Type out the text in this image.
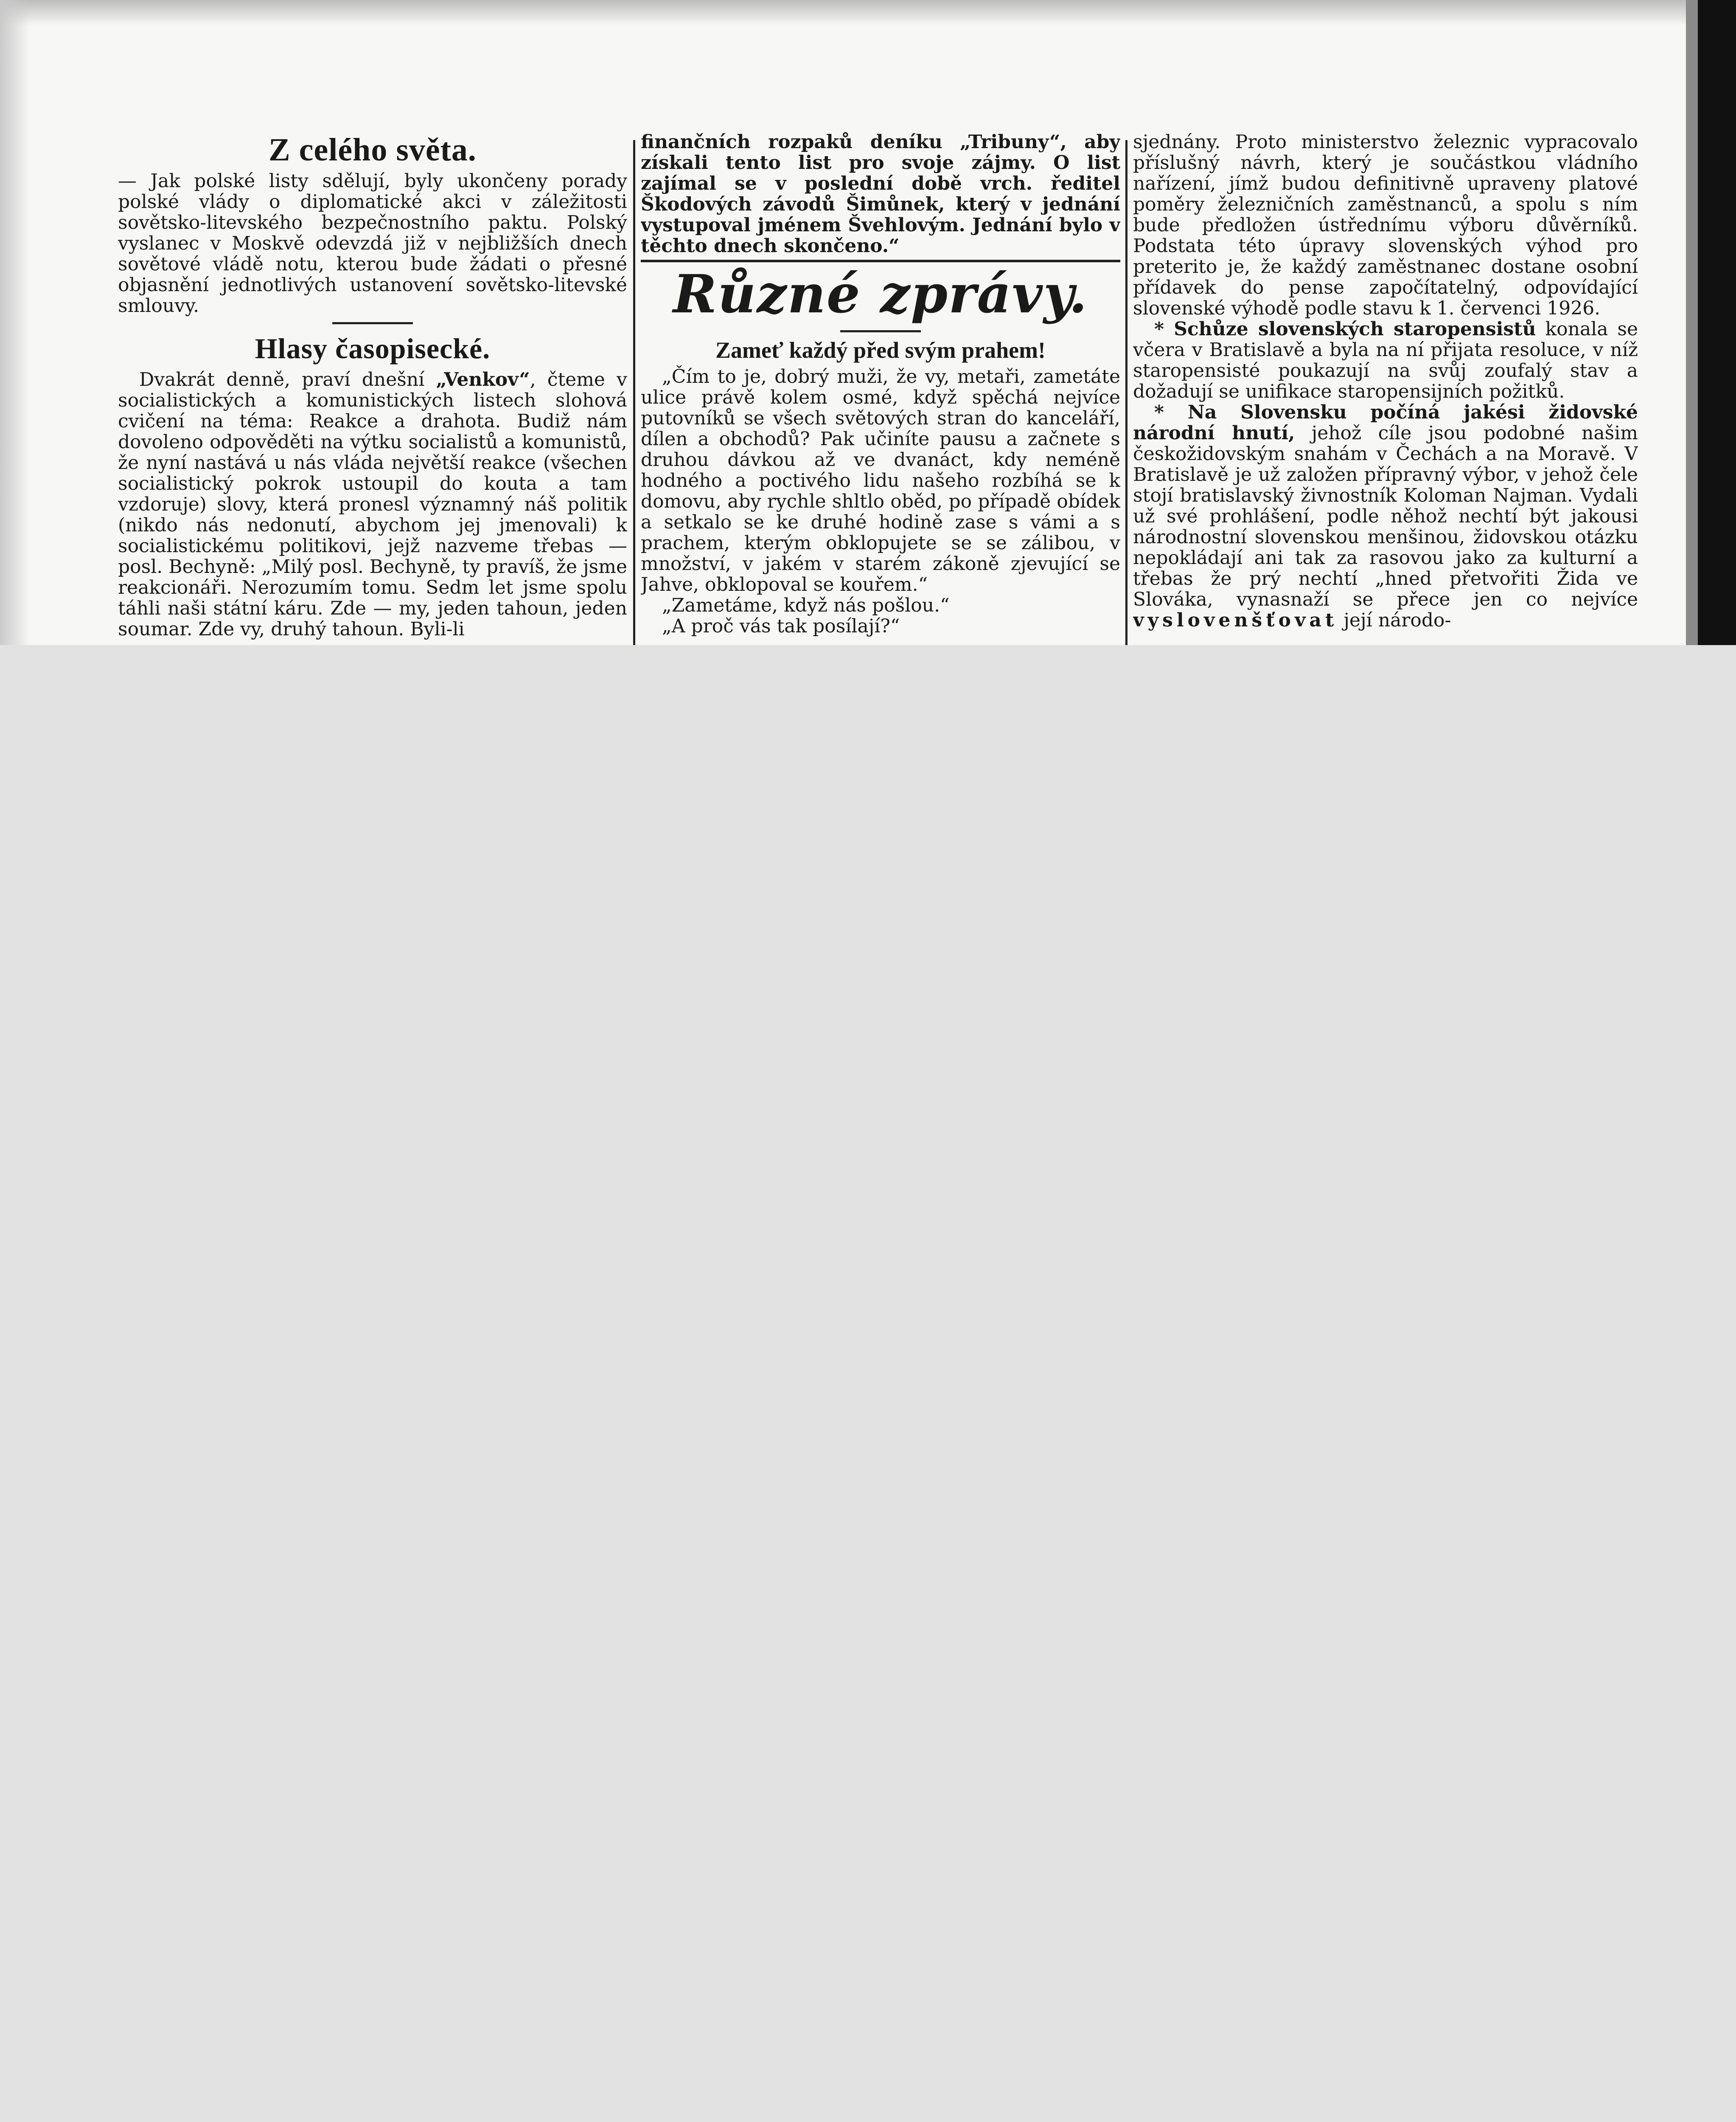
Z celého světa.

— Jak polské listy sdělují, byly ukončeny porady polské vlády o diplomatické akci v záležitosti sovětsko-litevského bezpečnostního paktu. Polský vyslanec v Moskvě odevzdá již v nejbližších dnech sovětové vládě notu, kterou bude žádati o přesné objasnění jednotlivých ustanovení sovětsko-litevské smlouvy.

Hlasy časopisecké.

Dvakrát denně, praví dnešní „Venkov“, čteme v socialistických a komunistických listech slohová cvičení na téma: Reakce a drahota. Budiž nám dovoleno odpověděti na výtku socialistů a komunistů, že nyní nastává u nás vláda největší reakce (všechen socialistický pokrok ustoupil do kouta a tam vzdoruje) slovy, která pronesl významný náš politik (nikdo nás nedonutí, abychom jej jmenovali) k socialistickému politikovi, jejž nazveme třebas — posl. Bechyně: „Milý posl. Bechyně, ty pravíš, že jsme reakcionáři. Nerozumím tomu. Sedm let jsme spolu táhli naši státní káru. Zde — my, jeden tahoun, jeden soumar. Zde vy, druhý tahoun. Byli-li

finančních rozpaků deníku „Tribuny“, aby získali tento list pro svoje zájmy. O list zajímal se v poslední době vrch. ředitel Škodových závodů Šimůnek, který v jednání vystupoval jménem Švehlovým. Jednání bylo v těchto dnech skončeno.“

Různé zprávy.
Zameť každý před svým prahem!

„Čím to je, dobrý muži, že vy, metaři, zametáte ulice právě kolem osmé, když spěchá nejvíce putovníků se všech světových stran do kanceláří, dílen a obchodů? Pak učiníte pausu a začnete s druhou dávkou až ve dvanáct, kdy neméně hodného a poctivého lidu našeho rozbíhá se k domovu, aby rychle shltlo oběd, po případě obídek a setkalo se ke druhé hodině zase s vámi a s prachem, kterým obklopujete se se zálibou, v množství, v jakém v starém zákoně zjevující se Jahve, obklopoval se kouřem.“

„Zametáme, když nás pošlou.“

„A proč vás tak posílají?“

sjednány. Proto ministerstvo železnic vypracovalo příslušný návrh, který je součástkou vládního nařízení, jímž budou definitivně upraveny platové poměry železničních zaměstnanců, a spolu s ním bude předložen ústřednímu výboru důvěrníků. Podstata této úpravy slovenských výhod pro preterito je, že každý zaměstnanec dostane osobní přídavek do pense započítatelný, odpovídající slovenské výhodě podle stavu k 1. červenci 1926.

* Schůze slovenských staropensistů konala se včera v Bratislavě a byla na ní přijata resoluce, v níž staropensisté poukazují na svůj zoufalý stav a dožadují se unifikace staropensijních požitků.

* Na Slovensku počíná jakési židovské národní hnutí, jehož cíle jsou podobné našim českožidovským snahám v Čechách a na Moravě. V Bratislavě je už založen přípravný výbor, v jehož čele stojí bratislavský živnostník Koloman Najman. Vydali už své prohlášení, podle něhož nechtí být jakousi národnostní slovenskou menšinou, židovskou otázku nepokládají ani tak za rasovou jako za kulturní a třebas že prý nechtí „hned přetvořiti Žida ve Slováka, vynasnaží se přece jen co nejvíce vyslovenšťovat její národo-
